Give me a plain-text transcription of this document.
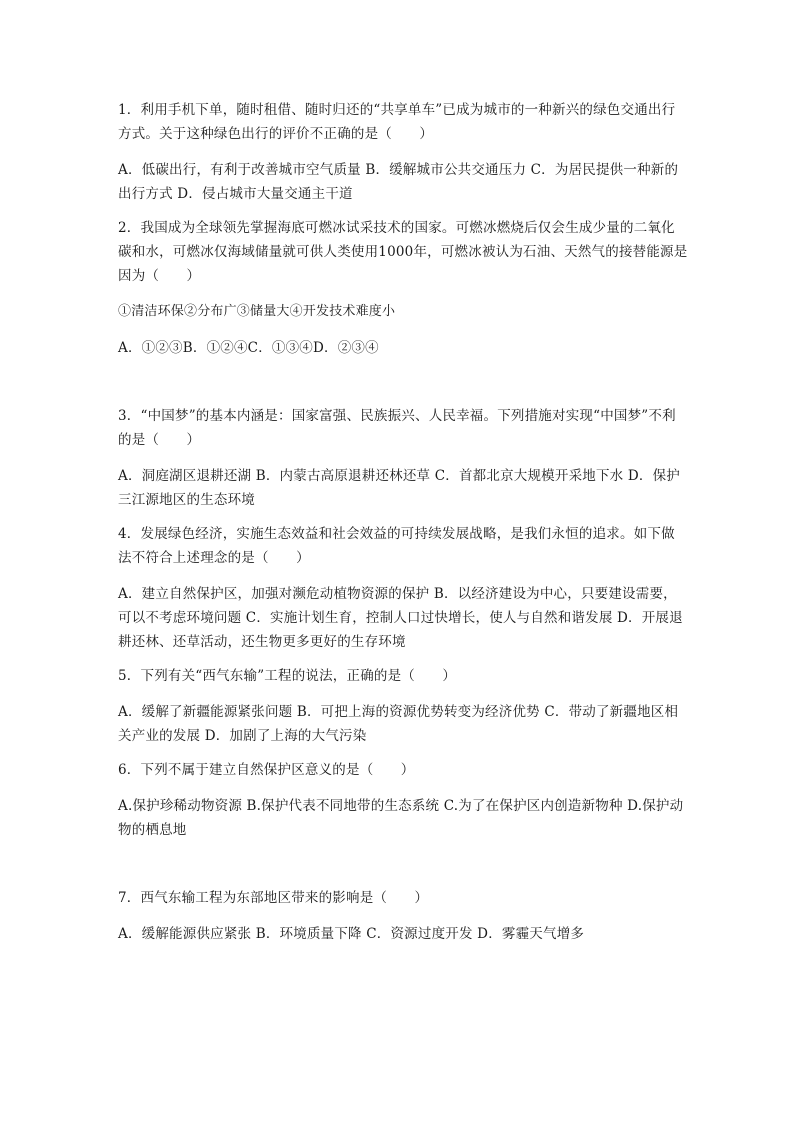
1．利用手机下单，随时租借、随时归还的“共享单车”已成为城市的一种新兴的绿色交通出行方式。关于这种绿色出行的评价不正确的是（　　）

A．低碳出行，有利于改善城市空气质量 B．缓解城市公共交通压力 C．为居民提供一种新的出行方式 D．侵占城市大量交通主干道

2．我国成为全球领先掌握海底可燃冰试采技术的国家。可燃冰燃烧后仅会生成少量的二氧化碳和水，可燃冰仅海域储量就可供人类使用1000年，可燃冰被认为石油、天然气的接替能源是因为（　　）

①清洁环保②分布广③储量大④开发技术难度小

A．①②③B．①②④C．①③④D．②③④

3．“中国梦”的基本内涵是：国家富强、民族振兴、人民幸福。下列措施对实现“中国梦”不利的是（　　）

A．洞庭湖区退耕还湖 B．内蒙古高原退耕还林还草 C．首都北京大规模开采地下水 D．保护三江源地区的生态环境

4．发展绿色经济，实施生态效益和社会效益的可持续发展战略，是我们永恒的追求。如下做法不符合上述理念的是（　　）

A．建立自然保护区，加强对濒危动植物资源的保护 B．以经济建设为中心，只要建设需要，可以不考虑环境问题 C．实施计划生育，控制人口过快增长，使人与自然和谐发展 D．开展退耕还林、还草活动，还生物更多更好的生存环境

5．下列有关“西气东输”工程的说法，正确的是（　　）

A．缓解了新疆能源紧张问题 B．可把上海的资源优势转变为经济优势 C．带动了新疆地区相关产业的发展 D．加剧了上海的大气污染

6．下列不属于建立自然保护区意义的是（　　）

A.保护珍稀动物资源 B.保护代表不同地带的生态系统 C.为了在保护区内创造新物种 D.保护动物的栖息地

7．西气东输工程为东部地区带来的影响是（　　）

A．缓解能源供应紧张 B．环境质量下降 C．资源过度开发 D．雾霾天气增多
